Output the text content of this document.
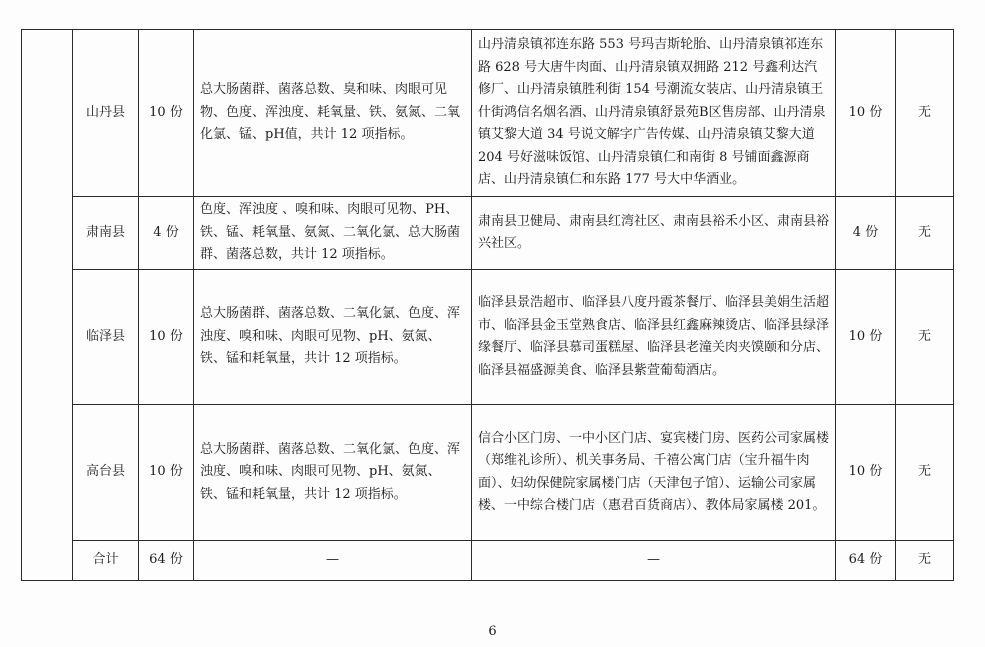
	山丹县	10 份	总大肠菌群、菌落总数、臭和味、肉眼可见物、色度、浑浊度、耗氧量、铁、氨氮、二氧化氯、锰、pH值，共计 12 项指标。	山丹清泉镇祁连东路 553 号玛吉斯轮胎、山丹清泉镇祁连东路 628 号大唐牛肉面、山丹清泉镇双拥路 212 号鑫利达汽修厂、山丹清泉镇胜利街 154 号潮流女装店、山丹清泉镇王什街鸿信名烟名酒、山丹清泉镇舒景苑B区售房部、山丹清泉镇艾黎大道 34 号说文解字广告传媒、山丹清泉镇艾黎大道 204 号好滋味饭馆、山丹清泉镇仁和南街 8 号铺面鑫源商店、山丹清泉镇仁和东路 177 号大中华酒业。	10 份	无
	肃南县	4 份	色度、浑浊度 、嗅和味、肉眼可见物、PH、铁、锰、耗氧量、氨氮、二氧化氯、总大肠菌群、菌落总数，共计 12 项指标。	肃南县卫健局、肃南县红湾社区、肃南县裕禾小区、肃南县裕兴社区。	4 份	无
	临泽县	10 份	总大肠菌群、菌落总数、二氧化氯、色度、浑浊度、嗅和味、肉眼可见物、pH、氨氮、铁、锰和耗氧量，共计 12 项指标。	临泽县景浩超市、临泽县八度丹霞茶餐厅、临泽县美娟生活超市、临泽县金玉堂熟食店、临泽县红鑫麻辣烫店、临泽县绿泽缘餐厅、临泽县慕司蛋糕屋、临泽县老潼关肉夹馍颐和分店、临泽县福盛源美食、临泽县紫萱葡萄酒店。	10 份	无
	高台县	10 份	总大肠菌群、菌落总数、二氧化氯、色度、浑浊度、嗅和味、肉眼可见物、pH、氨氮、铁、锰和耗氧量，共计 12 项指标。	信合小区门房、一中小区门店、宴宾楼门房、医药公司家属楼（郑维礼诊所）、机关事务局、千禧公寓门店（宝升福牛肉面）、妇幼保健院家属楼门店（天津包子馆）、运输公司家属楼、一中综合楼门店（惠君百货商店）、教体局家属楼 201。	10 份	无
	合计	64 份	—	—	64 份	无
6
